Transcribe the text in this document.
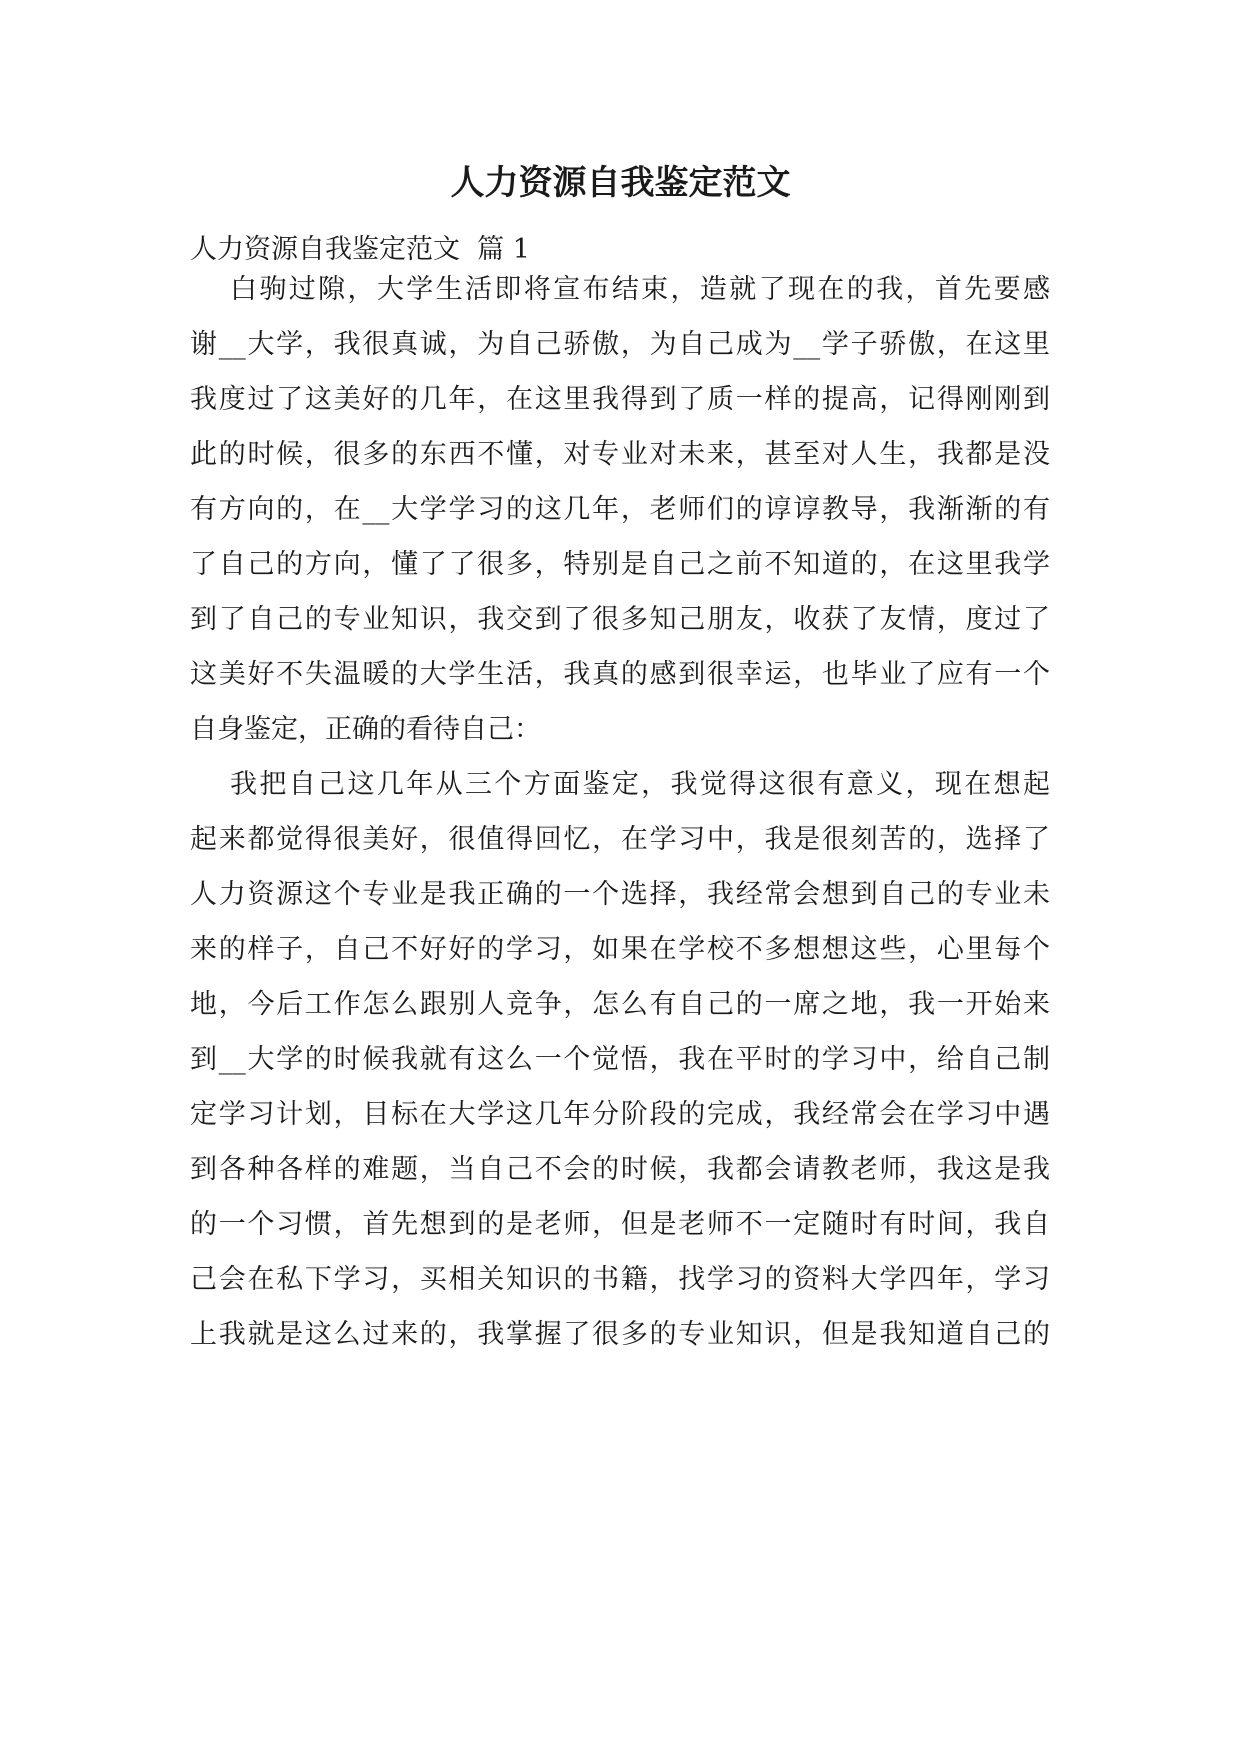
人力资源自我鉴定范文

人力资源自我鉴定范文  篇 1

白驹过隙，大学生活即将宣布结束，造就了现在的我，首先要感

谢__大学，我很真诚，为自己骄傲，为自己成为__学子骄傲，在这里

我度过了这美好的几年，在这里我得到了质一样的提高，记得刚刚到

此的时候，很多的东西不懂，对专业对未来，甚至对人生，我都是没

有方向的，在__大学学习的这几年，老师们的谆谆教导，我渐渐的有

了自己的方向，懂了了很多，特别是自己之前不知道的，在这里我学

到了自己的专业知识，我交到了很多知己朋友，收获了友情，度过了

这美好不失温暖的大学生活，我真的感到很幸运，也毕业了应有一个

自身鉴定，正确的看待自己：

我把自己这几年从三个方面鉴定，我觉得这很有意义，现在想起

起来都觉得很美好，很值得回忆，在学习中，我是很刻苦的，选择了

人力资源这个专业是我正确的一个选择，我经常会想到自己的专业未

来的样子，自己不好好的学习，如果在学校不多想想这些，心里每个

地，今后工作怎么跟别人竞争，怎么有自己的一席之地，我一开始来

到__大学的时候我就有这么一个觉悟，我在平时的学习中，给自己制

定学习计划，目标在大学这几年分阶段的完成，我经常会在学习中遇

到各种各样的难题，当自己不会的时候，我都会请教老师，我这是我

的一个习惯，首先想到的是老师，但是老师不一定随时有时间，我自

己会在私下学习，买相关知识的书籍，找学习的资料大学四年，学习

上我就是这么过来的，我掌握了很多的专业知识，但是我知道自己的
